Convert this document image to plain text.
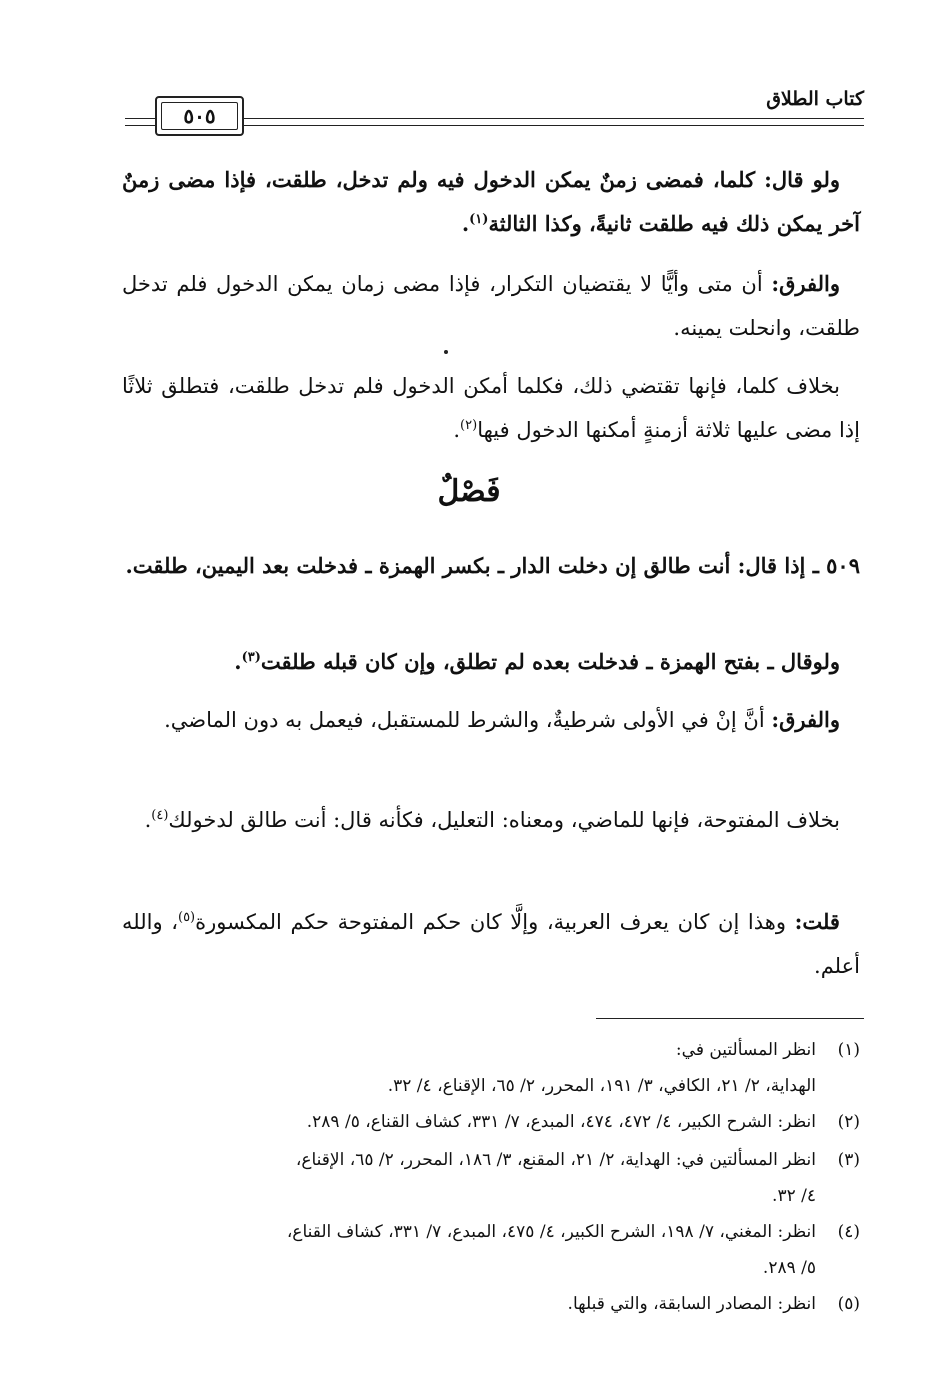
كتاب الطلاق
٥٠٥
ولو قال: كلما، فمضى زمنٌ يمكن الدخول فيه ولم تدخل، طلقت، فإذا مضى زمنٌ آخر يمكن ذلك فيه طلقت ثانيةً، وكذا الثالثة$^{(١)}$.
والفرق: أن متى وأيًّا لا يقتضيان التكرار، فإذا مضى زمان يمكن الدخول فلم تدخل طلقت، وانحلت يمينه.
بخلاف كلما، فإنها تقتضي ذلك، فكلما أمكن الدخول فلم تدخل طلقت، فتطلق ثلاثًا إذا مضى عليها ثلاثة أزمنةٍ أمكنها الدخول فيها$^{(٢)}$.
فَصْلٌ
٥٠٩ ـ إذا قال: أنت طالق إن دخلت الدار ـ بكسر الهمزة ـ فدخلت بعد اليمين، طلقت.
ولوقال ـ بفتح الهمزة ـ فدخلت بعده لم تطلق، وإن كان قبله طلقت$^{(٣)}$.
والفرق: أنَّ إنْ في الأولى شرطيةٌ، والشرط للمستقبل، فيعمل به دون الماضي.
بخلاف المفتوحة، فإنها للماضي، ومعناه: التعليل، فكأنه قال: أنت طالق لدخولك$^{(٤)}$.
قلت: وهذا إن كان يعرف العربية، وإلَّا كان حكم المفتوحة حكم المكسورة$^{(٥)}$، والله أعلم.
(١)انظر المسألتين في:
الهداية، ٢/ ٢١، الكافي، ٣/ ١٩١، المحرر، ٢/ ٦٥، الإقناع، ٤/ ٣٢.
(٢)انظر: الشرح الكبير، ٤/ ٤٧٢، ٤٧٤، المبدع، ٧/ ٣٣١، كشاف القناع، ٥/ ٢٨٩.
(٣)انظر المسألتين في: الهداية، ٢/ ٢١، المقنع، ٣/ ١٨٦، المحرر، ٢/ ٦٥، الإقناع،
٤/ ٣٢.
(٤)انظر: المغني، ٧/ ١٩٨، الشرح الكبير، ٤/ ٤٧٥، المبدع، ٧/ ٣٣١، كشاف القناع،
٥/ ٢٨٩.
(٥)انظر: المصادر السابقة، والتي قبلها.
